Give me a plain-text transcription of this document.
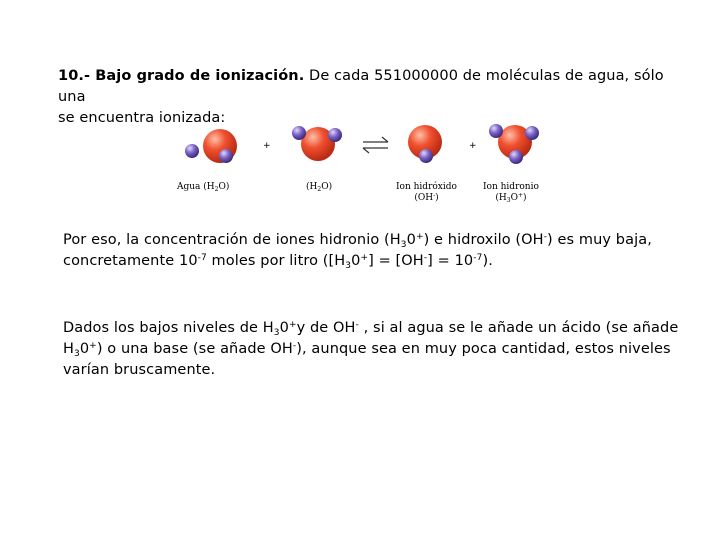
10.- Bajo grado de ionización. De cada 551000000 de moléculas de agua, sólo una
se encuentra ionizada:
+	+
Agua $(H_2O)$	$(H_2O)$	Ion hidróxido
(OH-)
Ion hidronio
$(H_3O^+)$
Por eso, la concentración de iones hidronio $(H_30^+)$ e hidroxilo (OH-) es muy baja,
concretamente $10^{-7}$ moles por litro $([H_30^+] = [OH^-] = 10^{-7})$.
Dados los bajos niveles de $H_30^+y$ de OH- , si al agua se le añade un ácido (se añade
$H_30^+$) o una base (se añade OH-), aunque sea en muy poca cantidad, estos niveles
varían bruscamente.
